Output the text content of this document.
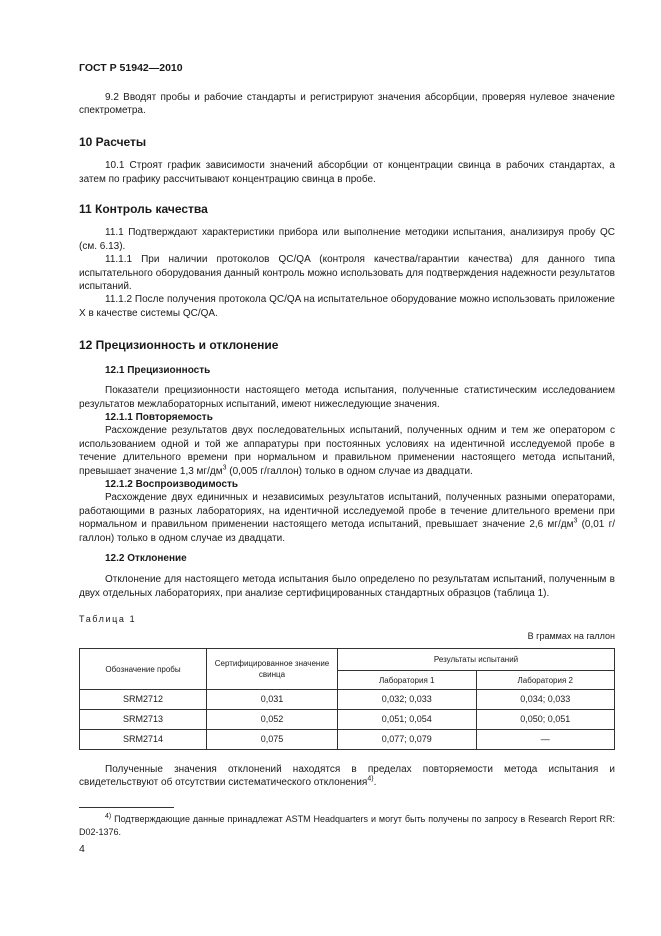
ГОСТ Р 51942—2010

9.2 Вводят пробы и рабочие стандарты и регистрируют значения абсорбции, проверяя нулевое значение спектрометра.

10 Расчеты

10.1 Строят график зависимости значений абсорбции от концентрации свинца в рабочих стандартах, а затем по графику рассчитывают концентрацию свинца в пробе.

11 Контроль качества

11.1 Подтверждают характеристики прибора или выполнение методики испытания, анализируя пробу QC (см. 6.13).

11.1.1 При наличии протоколов QC/QA (контроля качества/гарантии качества) для данного типа испытательного оборудования данный контроль можно использовать для подтверждения надежности результатов испытаний.

11.1.2 После получения протокола QC/QA на испытательное оборудование можно использовать приложение X в качестве системы QC/QA.

12 Прецизионность и отклонение
12.1 Прецизионность

Показатели прецизионности настоящего метода испытания, полученные статистическим исследованием результатов межлабораторных испытаний, имеют нижеследующие значения.

12.1.1 Повторяемость

Расхождение результатов двух последовательных испытаний, полученных одним и тем же оператором с использованием одной и той же аппаратуры при постоянных условиях на идентичной исследуемой пробе в течение длительного времени при нормальном и правильном применении настоящего метода испытаний, превышает значение 1,3 $мг/дм^3$ (0,005 г/галлон) только в одном случае из двадцати.

12.1.2 Воспроизводимость

Расхождение двух единичных и независимых результатов испытаний, полученных разными операторами, работающими в разных лабораториях, на идентичной исследуемой пробе в течение длительного времени при нормальном и правильном применении настоящего метода испытаний, превышает значение 2,6 $мг/дм^3$ (0,01 г/галлон) только в одном случае из двадцати.

12.2 Отклонение

Отклонение для настоящего метода испытания было определено по результатам испытаний, полученным в двух отдельных лабораториях, при анализе сертифицированных стандартных образцов (таблица 1).

Таблица 1
В граммах на галлон
Обозначение пробы	Сертифицированное значение свинца	Результаты испытаний	
		Лаборатория 1	Лаборатория 2
SRM2712	0,031	0,032; 0,033	0,034; 0,033
SRM2713	0,052	0,051; 0,054	0,050; 0,051
SRM2714	0,075	0,077; 0,079	—

Полученные значения отклонений находятся в пределах повторяемости метода испытания и свидетельствуют об отсутствии систематического отклонения$^{4)}$.

$^{4)}$ Подтверждающие данные принадлежат ASTM Headquarters и могут быть получены по запросу в Research Report RR: D02-1376.
4
